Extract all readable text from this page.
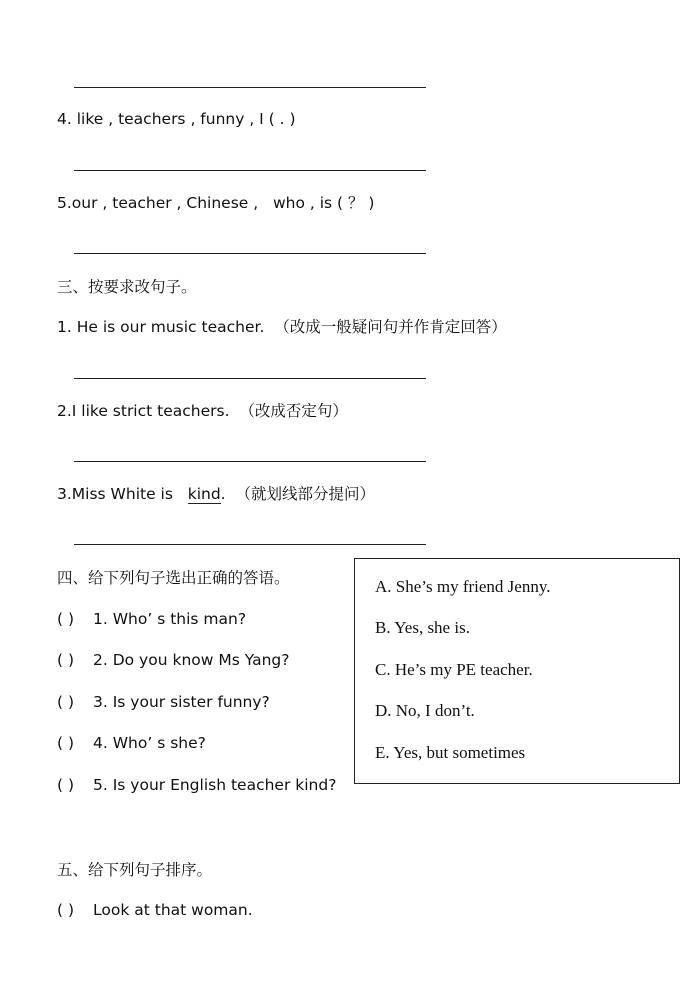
4. like , teachers , funny , I ( . )
5.our , teacher , Chinese ,   who , is ( ？ )
三、按要求改句子。
1. He is our music teacher.  （改成一般疑问句并作肯定回答）
2.I like strict teachers.  （改成否定句）
3.Miss White is   kind.  （就划线部分提问）
四、给下列句子选出正确的答语。
( ) 1. Who’ s this man?
( ) 2. Do you know Ms Yang?
( ) 3. Is your sister funny?
( ) 4. Who’ s she?
( ) 5. Is your English teacher kind?
A. She’s my friend Jenny.
B. Yes, she is.
C. He’s my PE teacher.
D. No, I don’t.
E. Yes, but sometimes
五、给下列句子排序。
( ) Look at that woman.
